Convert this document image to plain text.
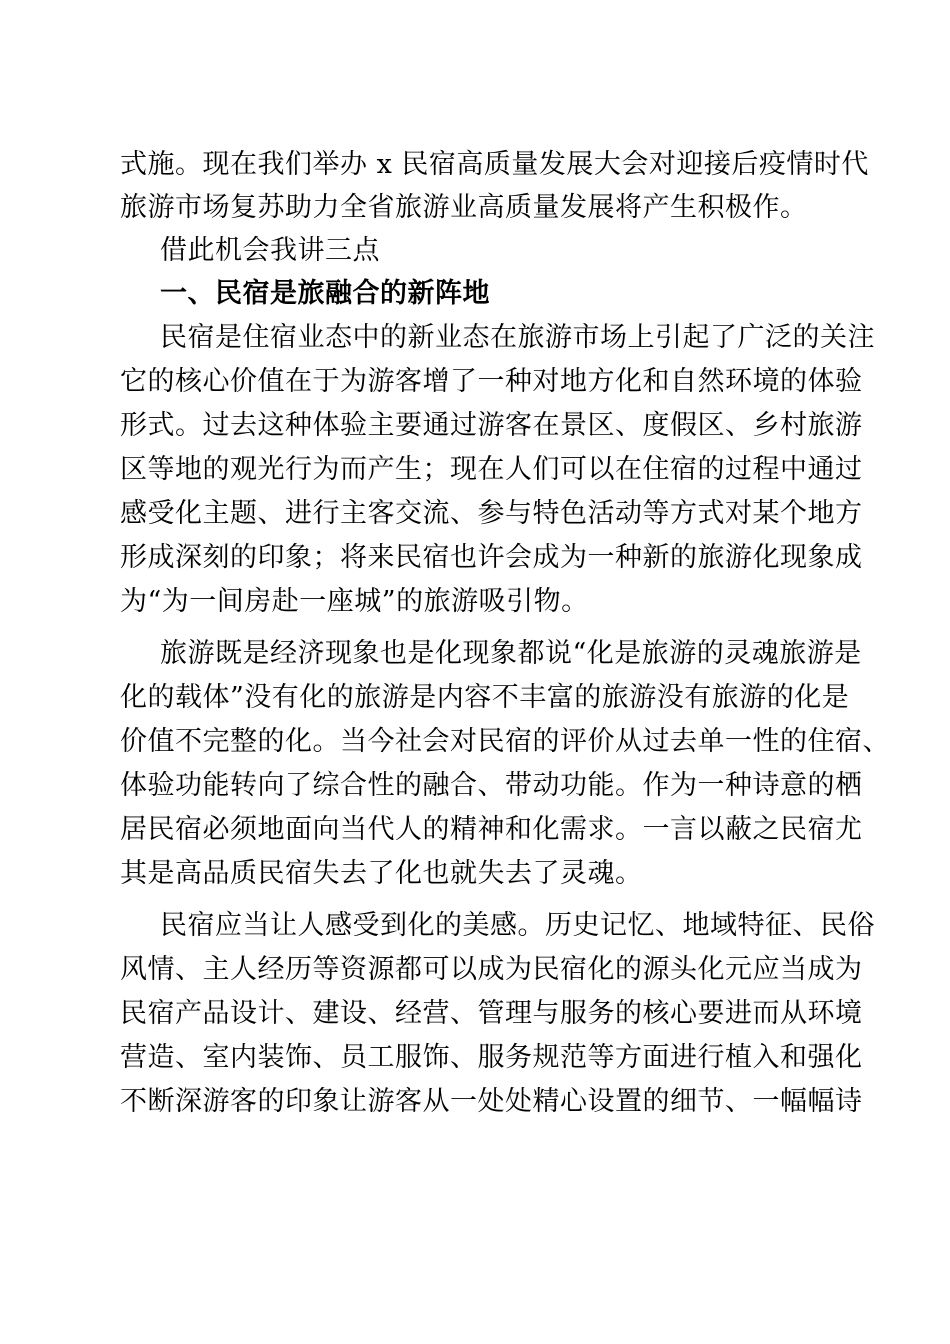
式施。现在我们举办 x 民宿高质量发展大会对迎接后疫情时代
旅游市场复苏助力全省旅游业高质量发展将产生积极作。
借此机会我讲三点
一、民宿是旅融合的新阵地
民宿是住宿业态中的新业态在旅游市场上引起了广泛的关注
它的核心价值在于为游客增了一种对地方化和自然环境的体验
形式。过去这种体验主要通过游客在景区、度假区、乡村旅游
区等地的观光行为而产生；现在人们可以在住宿的过程中通过
感受化主题、进行主客交流、参与特色活动等方式对某个地方
形成深刻的印象；将来民宿也许会成为一种新的旅游化现象成
为“为一间房赴一座城”的旅游吸引物。
旅游既是经济现象也是化现象都说“化是旅游的灵魂旅游是
化的载体”没有化的旅游是内容不丰富的旅游没有旅游的化是
价值不完整的化。当今社会对民宿的评价从过去单一性的住宿、
体验功能转向了综合性的融合、带动功能。作为一种诗意的栖
居民宿必须地面向当代人的精神和化需求。一言以蔽之民宿尤
其是高品质民宿失去了化也就失去了灵魂。
民宿应当让人感受到化的美感。历史记忆、地域特征、民俗
风情、主人经历等资源都可以成为民宿化的源头化元应当成为
民宿产品设计、建设、经营、管理与服务的核心要进而从环境
营造、室内装饰、员工服饰、服务规范等方面进行植入和强化
不断深游客的印象让游客从一处处精心设置的细节、一幅幅诗
